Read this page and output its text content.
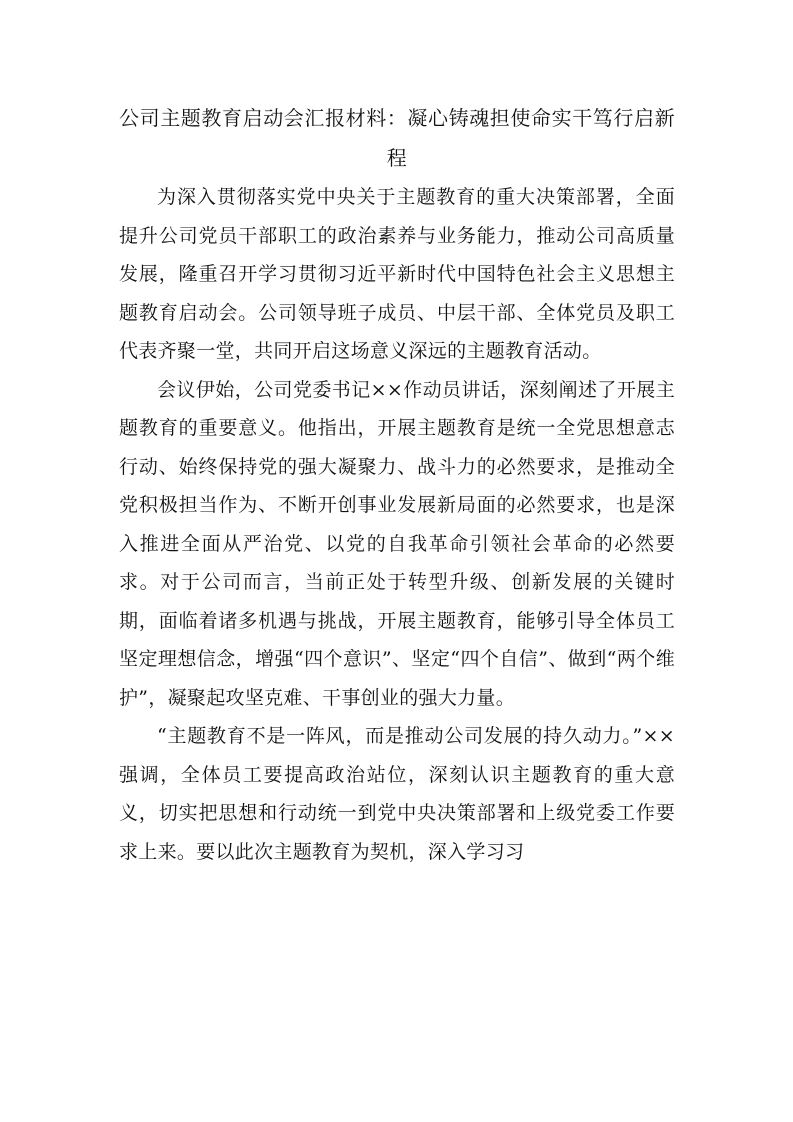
公司主题教育启动会汇报材料：凝心铸魂担使命实干笃行启新程

为深入贯彻落实党中央关于主题教育的重大决策部署，全面提升公司党员干部职工的政治素养与业务能力，推动公司高质量发展，隆重召开学习贯彻习近平新时代中国特色社会主义思想主题教育启动会。公司领导班子成员、中层干部、全体党员及职工代表齐聚一堂，共同开启这场意义深远的主题教育活动。

会议伊始，公司党委书记××作动员讲话，深刻阐述了开展主题教育的重要意义。他指出，开展主题教育是统一全党思想意志行动、始终保持党的强大凝聚力、战斗力的必然要求，是推动全党积极担当作为、不断开创事业发展新局面的必然要求，也是深入推进全面从严治党、以党的自我革命引领社会革命的必然要求。对于公司而言，当前正处于转型升级、创新发展的关键时期，面临着诸多机遇与挑战，开展主题教育，能够引导全体员工坚定理想信念，增强“四个意识”、坚定“四个自信”、做到“两个维护”，凝聚起攻坚克难、干事创业的强大力量。

“主题教育不是一阵风，而是推动公司发展的持久动力。”××强调，全体员工要提高政治站位，深刻认识主题教育的重大意义，切实把思想和行动统一到党中央决策部署和上级党委工作要求上来。要以此次主题教育为契机，深入学习习
